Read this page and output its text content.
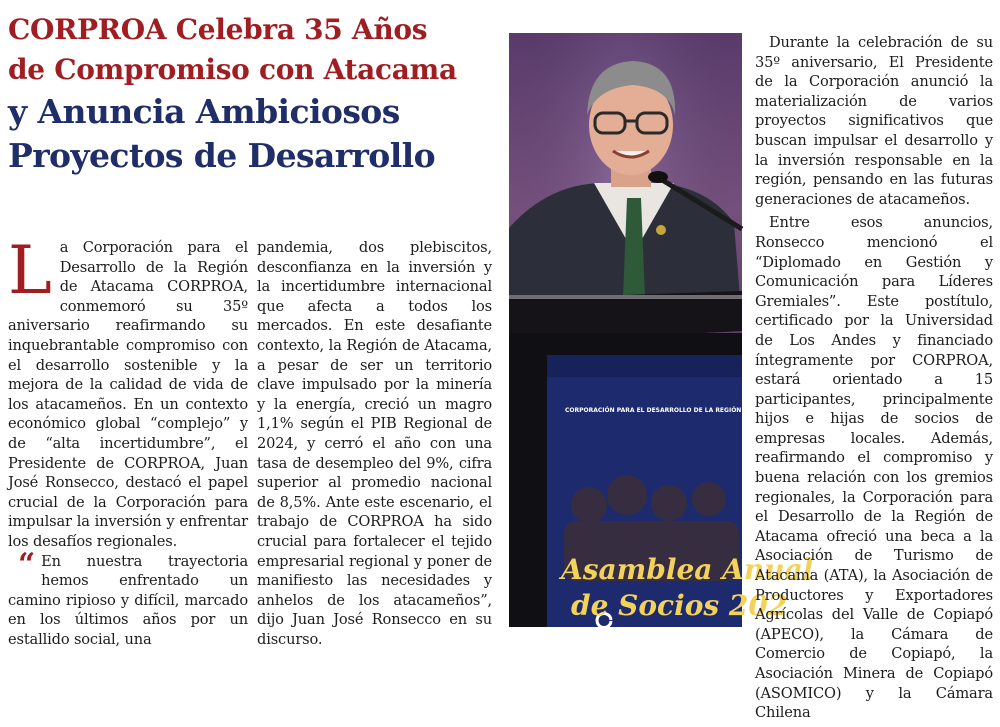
CORPROA Celebra 35 Años
de Compromiso con Atacama
y Anuncia Ambiciosos
Proyectos de Desarrollo
L a Corporación para el Desarrollo de la Región de Atacama CORPROA, conmemoró su 35º aniversario reafirmando su inquebrantable compromiso con el desarrollo sostenible y la mejora de la calidad de vida de los atacameños. En un contexto económico global “complejo” y de “alta incertidumbre”, el Presidente de CORPROA, Juan José Ronsecco, destacó el papel crucial de la Corporación para impulsar la inversión y enfrentar los desafíos regionales.

“ En nuestra trayectoria hemos enfrentado un camino ripioso y difícil, marcado en los últimos años por un estallido social, una

pandemia, dos plebiscitos, desconfianza en la inversión y la incertidumbre internacional que afecta a todos los mercados. En este desafiante contexto, la Región de Atacama, a pesar de ser un territorio clave impulsado por la minería y la energía, creció un magro 1,1% según el PIB Regional de 2024, y cerró el año con una tasa de desempleo del 9%, cifra superior al promedio nacional de 8,5%. Ante este escenario, el trabajo de CORPROA ha sido crucial para fortalecer el tejido empresarial regional y poner de manifiesto las necesidades y anhelos de los atacameños”, dijo Juan José Ronsecco en su discurso.

CORPORACIÓN PARA EL DESARROLLO DE LA REGIÓN DE
Asamblea Anual
de Socios 202
CORPROA

Durante la celebración de su 35º aniversario, El Presidente de la Corporación anunció la materialización de varios proyectos significativos que buscan impulsar el desarrollo y la inversión responsable en la región, pensando en las futuras generaciones de atacameños.

Entre esos anuncios, Ronsecco mencionó el “Diplomado en Gestión y Comunicación para Líderes Gremiales”. Este postítulo, certificado por la Universidad de Los Andes y financiado íntegramente por CORPROA, estará orientado a 15 participantes, principalmente hijos e hijas de socios de empresas locales. Además, reafirmando el compromiso y buena relación con los gremios regionales, la Corporación para el Desarrollo de la Región de Atacama ofreció una beca a la Asociación de Turismo de Atacama (ATA), la Asociación de Productores y Exportadores Agrícolas del Valle de Copiapó (APECO), la Cámara de Comercio de Copiapó, la Asociación Minera de Copiapó (ASOMICO) y la Cámara Chilena
